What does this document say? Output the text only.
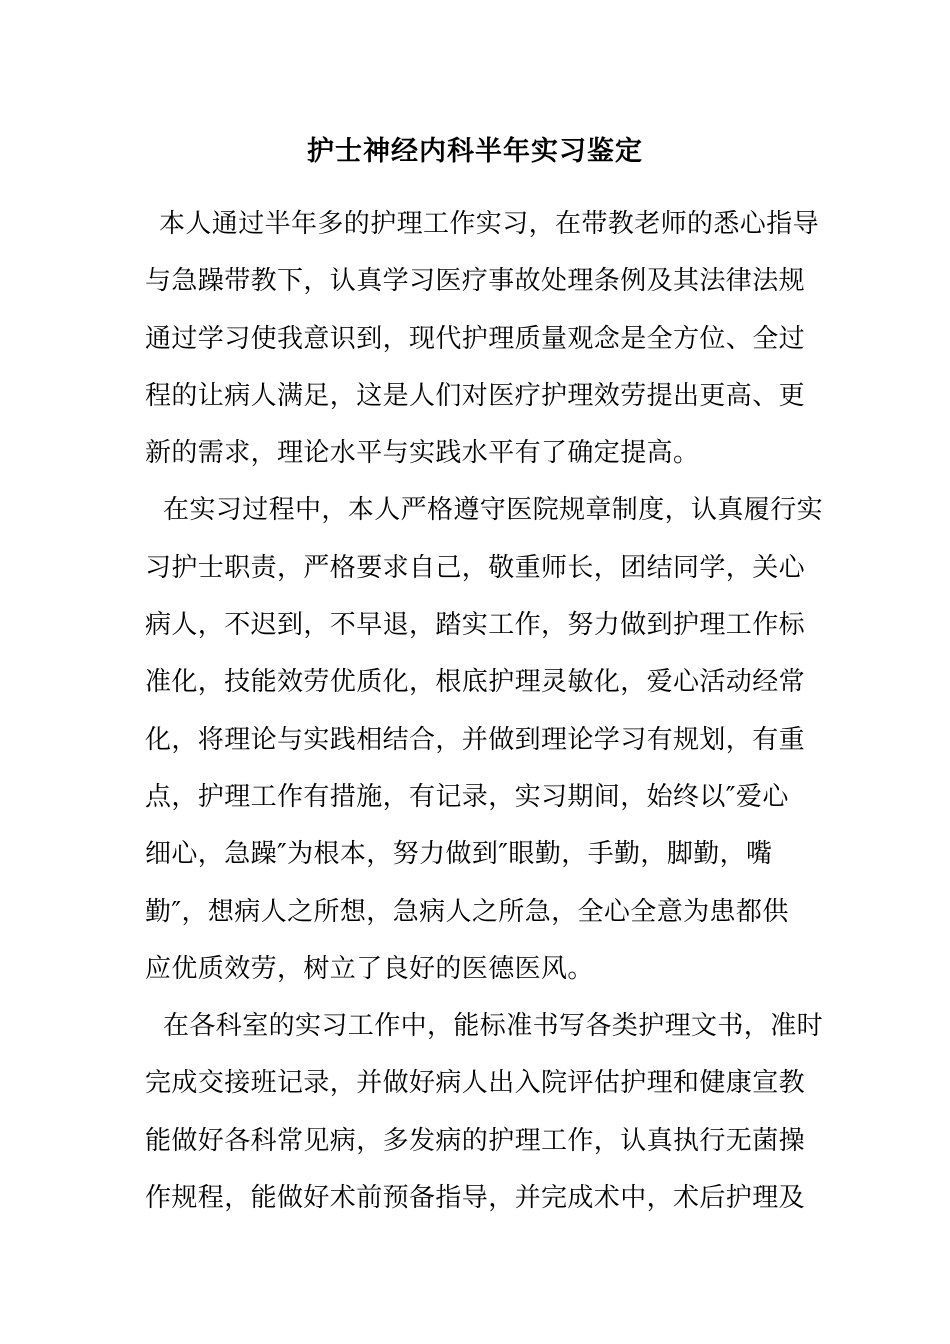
护士神经内科半年实习鉴定
本人通过半年多的护理工作实习，在带教老师的悉心指导
与急躁带教下，认真学习医疗事故处理条例及其法律法规
通过学习使我意识到，现代护理质量观念是全方位、全过
程的让病人满足，这是人们对医疗护理效劳提出更高、更
新的需求，理论水平与实践水平有了确定提高。
在实习过程中，本人严格遵守医院规章制度，认真履行实
习护士职责，严格要求自己，敬重师长，团结同学，关心
病人，不迟到，不早退，踏实工作，努力做到护理工作标
准化，技能效劳优质化，根底护理灵敏化，爱心活动经常
化，将理论与实践相结合，并做到理论学习有规划，有重
点，护理工作有措施，有记录，实习期间，始终以″爱心
细心，急躁″为根本，努力做到″眼勤，手勤，脚勤，嘴
勤″，想病人之所想，急病人之所急，全心全意为患都供
应优质效劳，树立了良好的医德医风。
在各科室的实习工作中，能标准书写各类护理文书，准时
完成交接班记录，并做好病人出入院评估护理和健康宣教
能做好各科常见病，多发病的护理工作，认真执行无菌操
作规程，能做好术前预备指导，并完成术中，术后护理及
